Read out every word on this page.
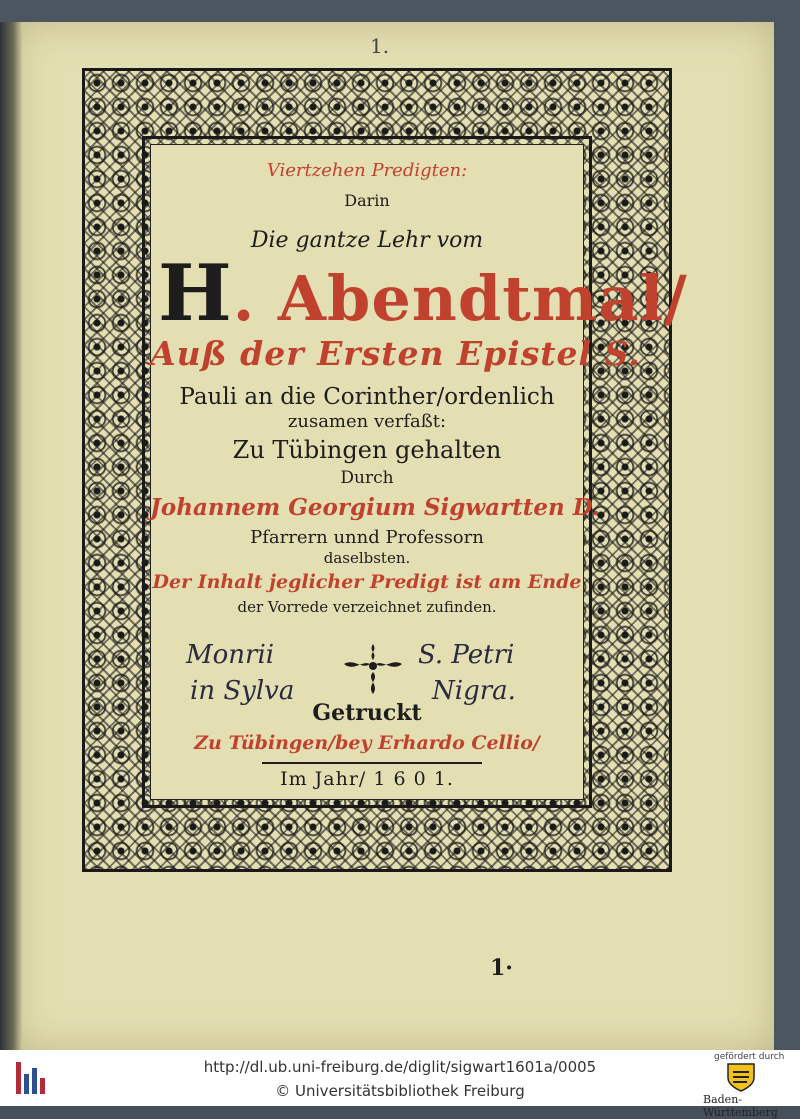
1.
Viertzehen Predigten:
Darin
Die gantze Lehr vom
H. Abendtmal/
Auß der Ersten Epistel S.
Pauli an die Corinther/ordenlich
zusamen verfaßt:
Zu Tübingen gehalten
Durch
Johannem Georgium Sigwartten D.
Pfarrern unnd Professorn
daselbsten.
Der Inhalt jeglicher Predigt ist am Ende
der Vorrede verzeichnet zufinden.
Monrii
in Sylva
S. Petri
Nigra.
Getruckt
Zu Tübingen/bey Erhardo Cellio/
Im Jahr/ 1 6 0 1.
1·
http://dl.ub.uni-freiburg.de/diglit/sigwart1601a/0005
© Universitätsbibliothek Freiburg
gefördert durch
Baden-Württemberg
